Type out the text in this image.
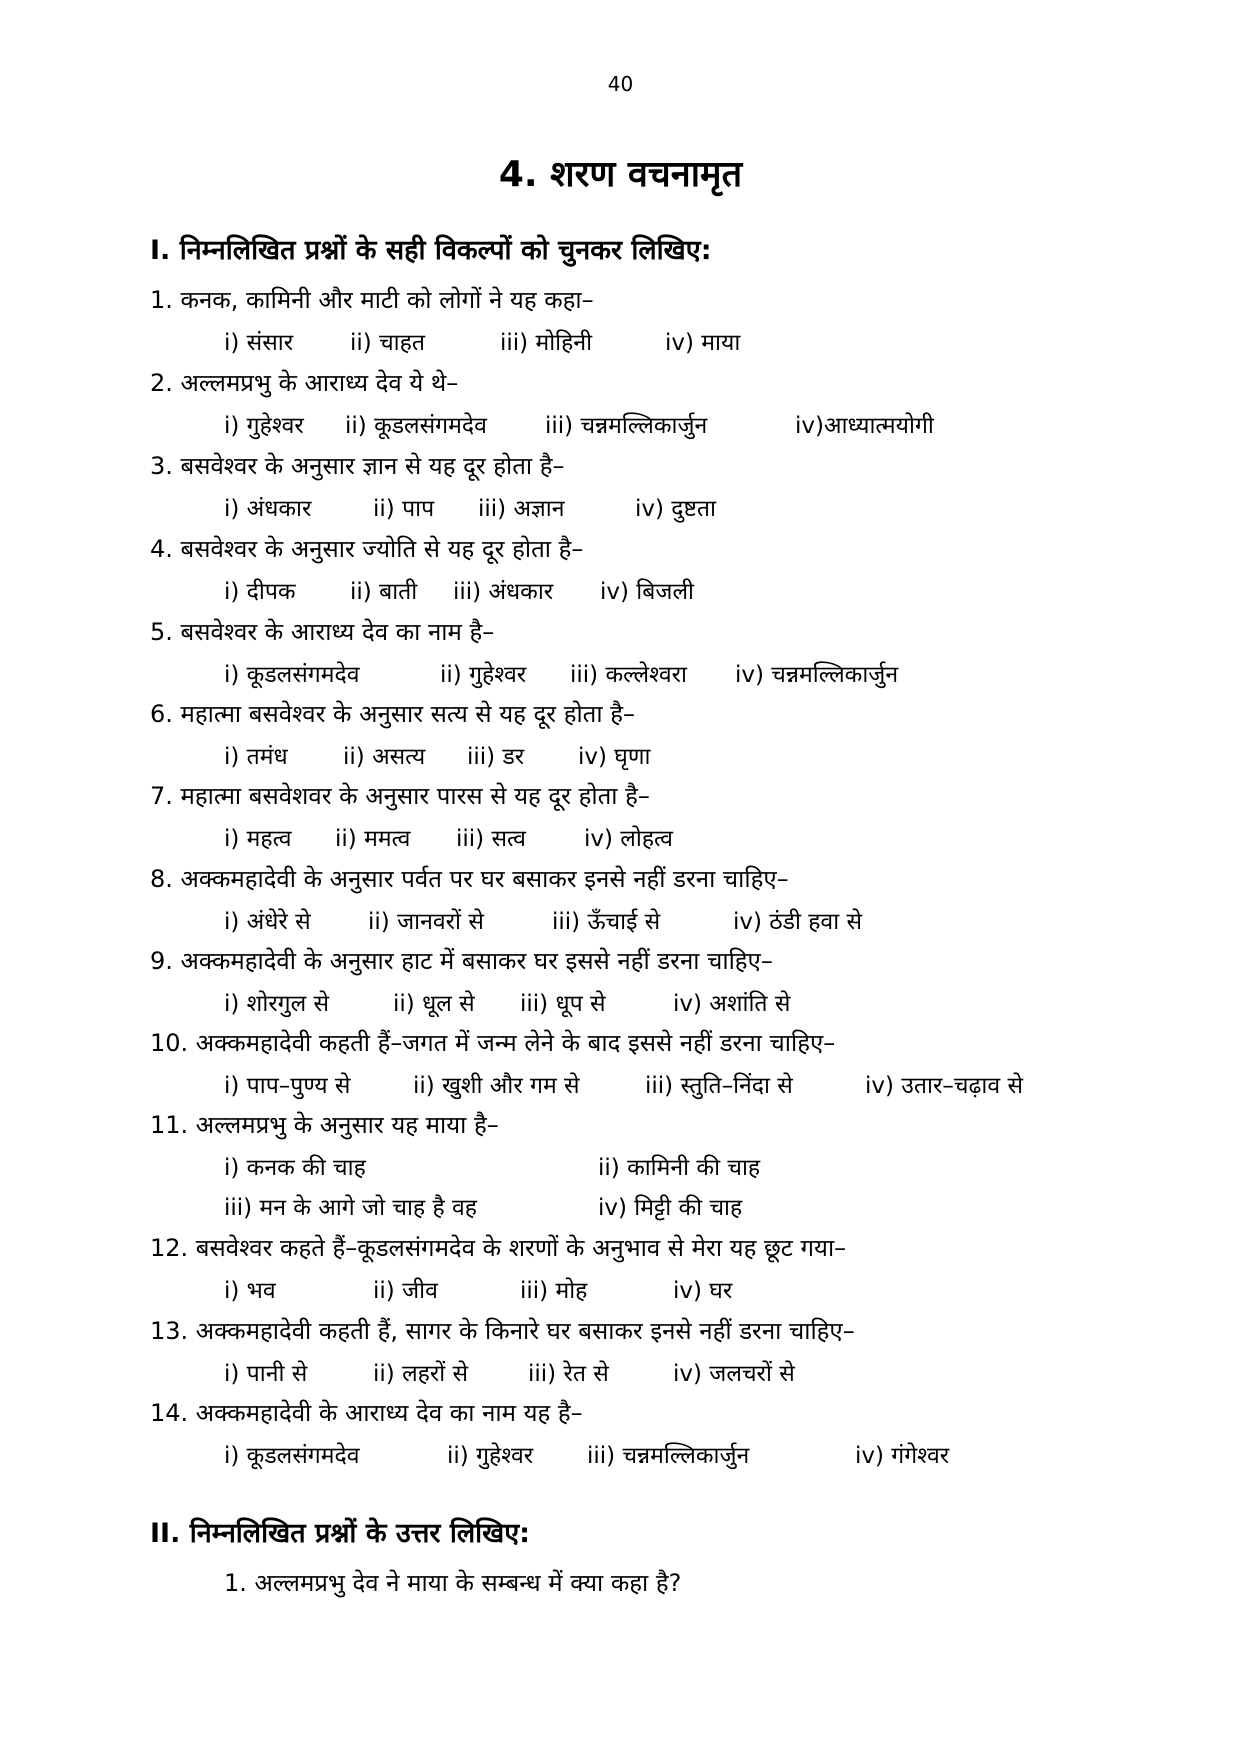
40
4. शरण वचनामृत
I. निम्नलिखित प्रश्नों के सही विकल्पों को चुनकर लिखिए:
1. कनक, कामिनी और माटी को लोगों ने यह कहा–
i) संसार ii) चाहत	iii) मोहिनी	iv) माया
2. अल्लमप्रभु के आराध्य देव ये थे–
i) गुहेश्वर ii) कूडलसंगमदेव	iii) चन्नमल्लिकार्जुन	iv)आध्यात्मयोगी
3. बसवेश्वर के अनुसार ज्ञान से यह दूर होता है–
i) अंधकार	ii) पाप iii) अज्ञान	iv) दुष्टता
4. बसवेश्वर के अनुसार ज्योति से यह दूर होता है–
i) दीपक ii) बाती iii) अंधकार iv) बिजली
5. बसवेश्वर के आराध्य देव का नाम है–
i) कूडलसंगमदेव	ii) गुहेश्वर iii) कल्लेश्वरा iv) चन्नमल्लिकार्जुन
6. महात्मा बसवेश्वर के अनुसार सत्य से यह दूर होता है–
i) तमंध ii) असत्य iii) डर iv) घृणा
7. महात्मा बसवेशवर के अनुसार पारस से यह दूर होता है–
i) महत्व ii) ममत्व iii) सत्व	iv) लोहत्व
8. अक्कमहादेवी के अनुसार पर्वत पर घर बसाकर इनसे नहीं डरना चाहिए–
i) अंधेरे से ii) जानवरों से	iii) ऊँचाई से	iv) ठंडी हवा से
9. अक्कमहादेवी के अनुसार हाट में बसाकर घर इससे नहीं डरना चाहिए–
i) शोरगुल से	ii) धूल से iii) धूप से	iv) अशांति से
10. अक्कमहादेवी कहती हैं–जगत में जन्म लेने के बाद इससे नहीं डरना चाहिए–
i) पाप–पुण्य से	ii) खुशी और गम से	iii) स्तुति–निंदा से	iv) उतार–चढ़ाव से
11. अल्लमप्रभु के अनुसार यह माया है–
i) कनक की चाह	ii) कामिनी की चाह
iii) मन के आगे जो चाह है वह	iv) मिट्टी की चाह
12. बसवेश्वर कहते हैं–कूडलसंगमदेव के शरणों के अनुभाव से मेरा यह छूट गया–
i) भव	ii) जीव	iii) मोह	iv) घर
13. अक्कमहादेवी कहती हैं, सागर के किनारे घर बसाकर इनसे नहीं डरना चाहिए–
i) पानी से	ii) लहरों से	iii) रेत से	iv) जलचरों से
14. अक्कमहादेवी के आराध्य देव का नाम यह है–
i) कूडलसंगमदेव	ii) गुहेश्वर iii) चन्नमल्लिकार्जुन	iv) गंगेश्वर
II. निम्नलिखित प्रश्नों के उत्तर लिखिए:
1. अल्लमप्रभु देव ने माया के सम्बन्ध में क्या कहा है?
